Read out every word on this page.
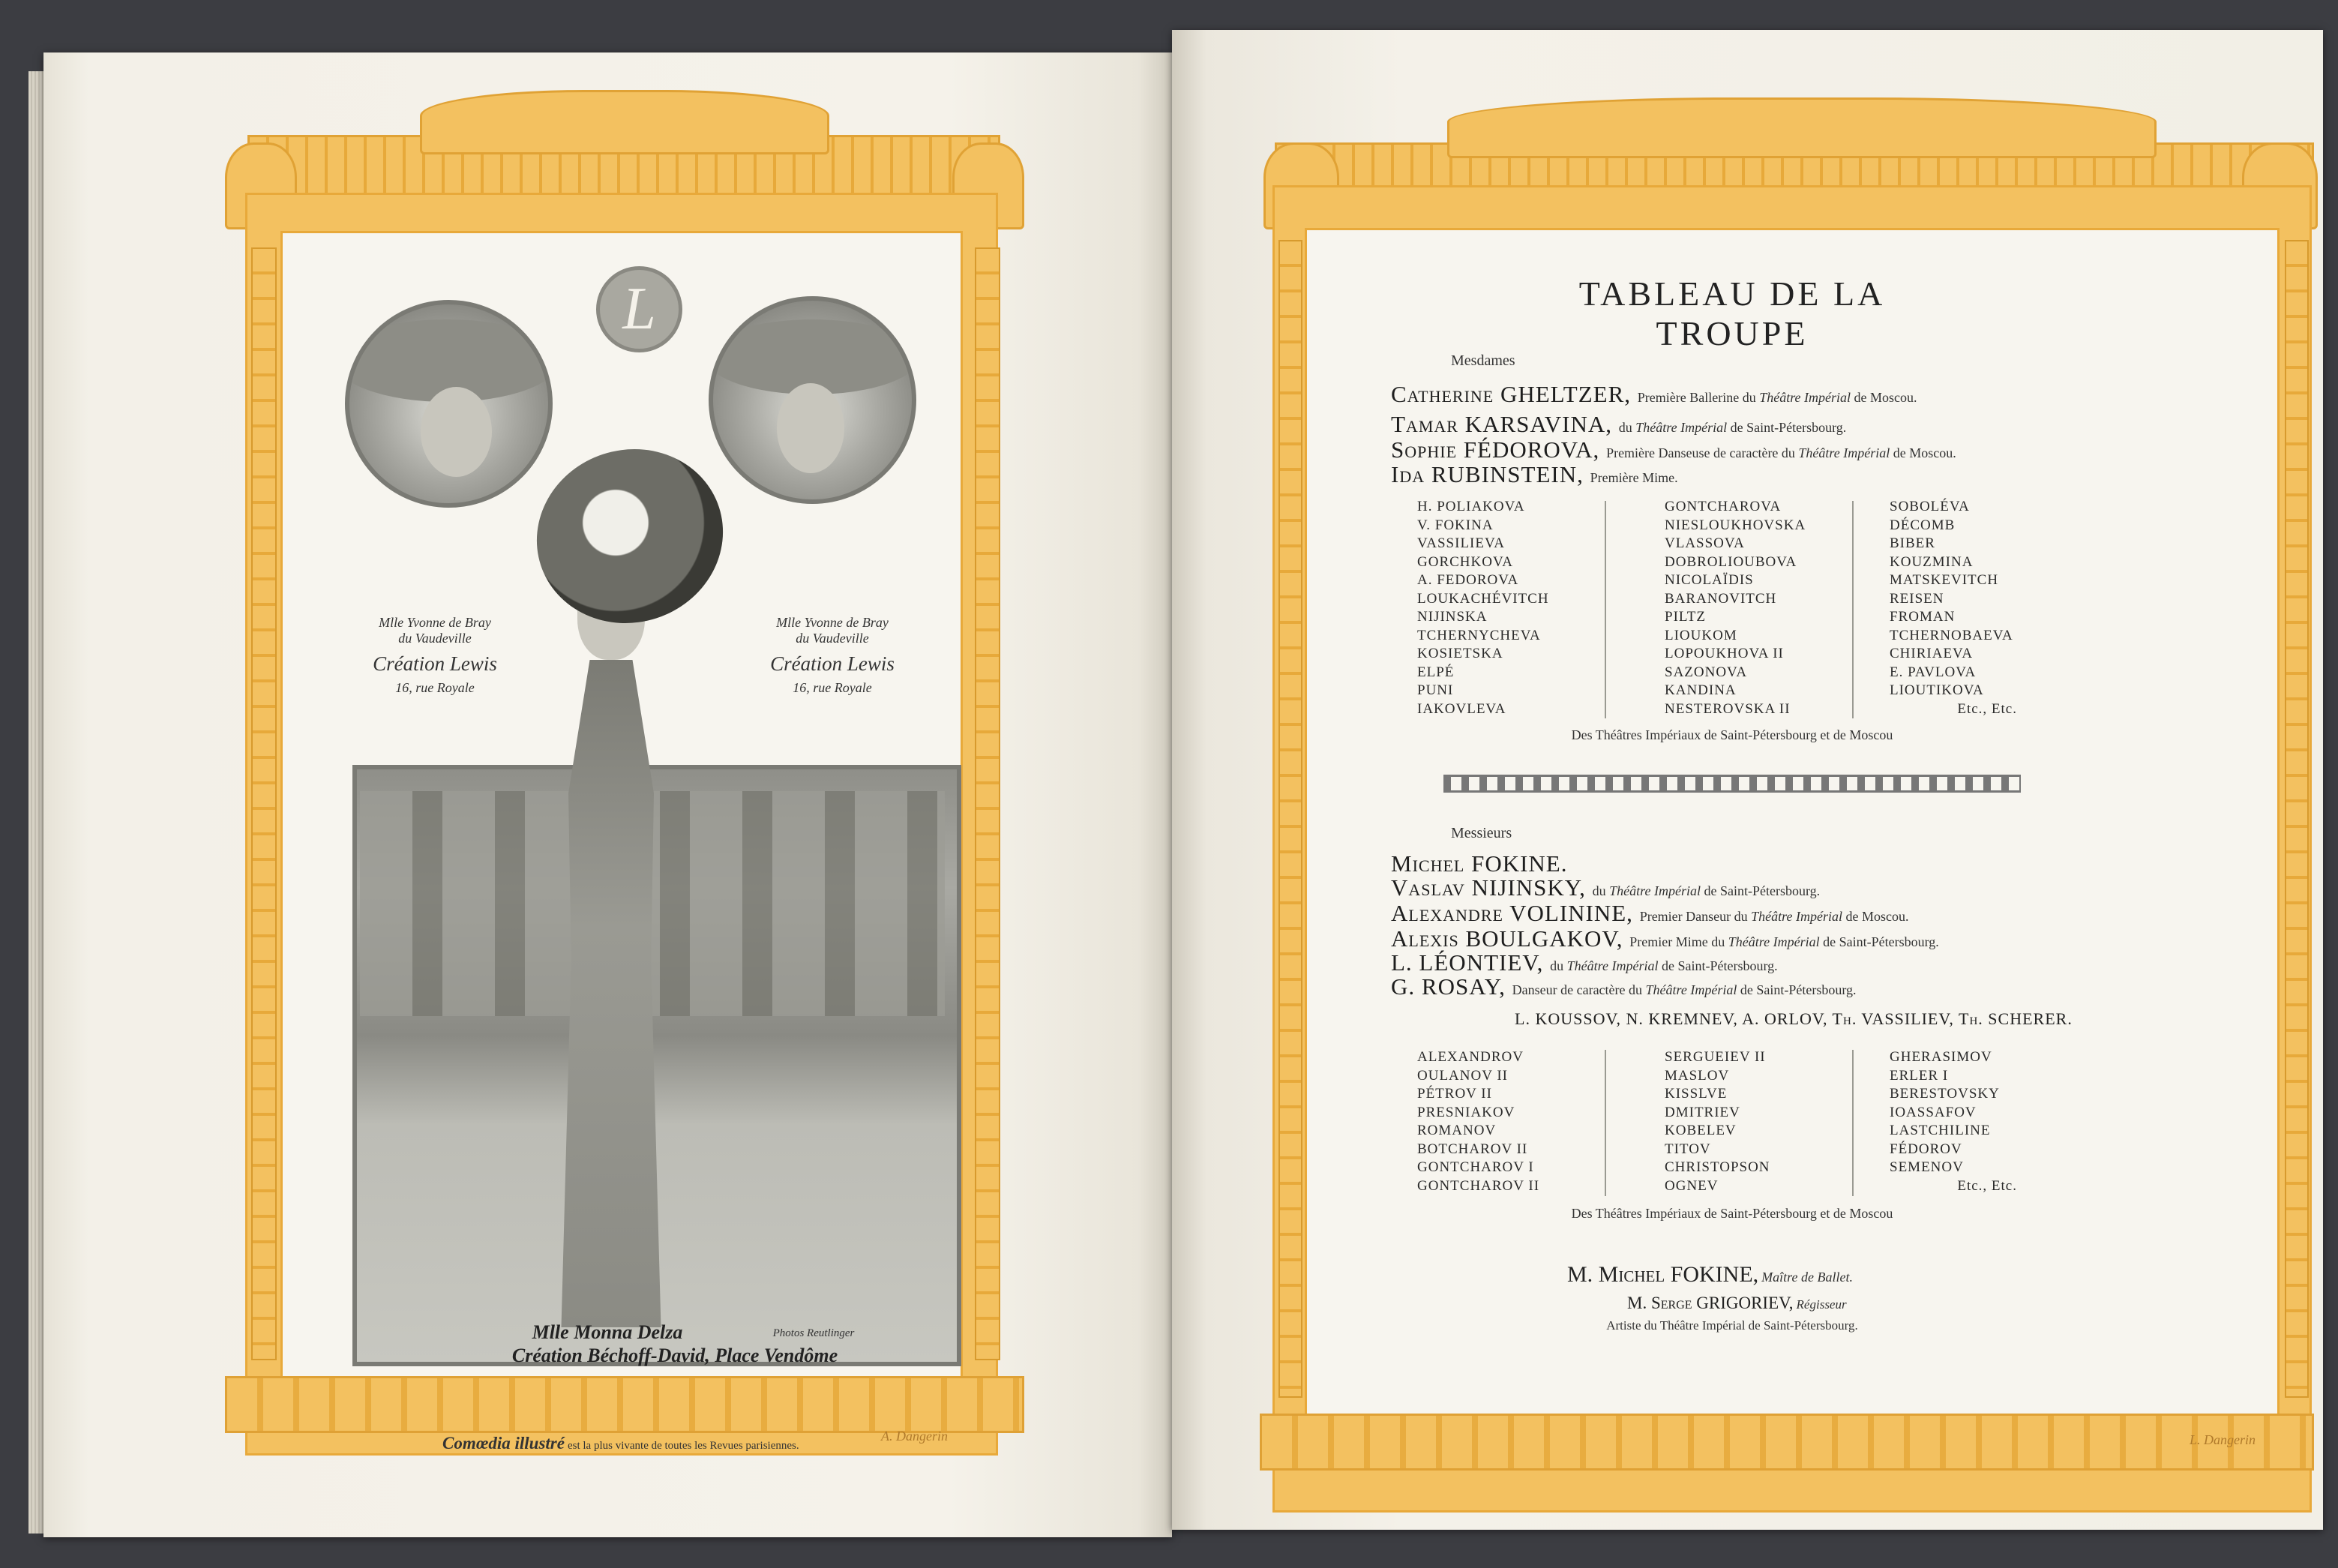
L
Mlle Yvonne de Bray
du Vaudeville
Création Lewis
16, rue Royale
Mlle Yvonne de Bray
du Vaudeville
Création Lewis
16, rue Royale
Mlle Monna Delza	Photos Reutlinger
Création Béchoff-David, Place Vendôme
Comœdia illustré est la plus vivante de toutes les Revues parisiennes.
A. Dangerin
TABLEAU DE LA TROUPE
Mesdames
Catherine GHELTZER, Première Ballerine du Théâtre Impérial de Moscou.
Tamar KARSAVINA, du Théâtre Impérial de Saint-Pétersbourg.
Sophie FÉDOROVA, Première Danseuse de caractère du Théâtre Impérial de Moscou.
Ida RUBINSTEIN, Première Mime.
H. POLIAKOVA
V. FOKINA
VASSILIEVA
GORCHKOVA
A. FEDOROVA
LOUKACHÉVITCH
NIJINSKA
TCHERNYCHEVA
KOSIETSKA
ELPÉ
PUNI
IAKOVLEVA
GONTCHAROVA
NIESLOUKHOVSKA
VLASSOVA
DOBROLIOUBOVA
NICOLAÏDIS
BARANOVITCH
PILTZ
LIOUKOM
LOPOUKHOVA II
SAZONOVA
KANDINA
NESTEROVSKA II
SOBOLÉVA
DÉCOMB
BIBER
KOUZMINA
MATSKEVITCH
REISEN
FROMAN
TCHERNOBAEVA
CHIRIAEVA
E. PAVLOVA
LIOUTIKOVA
Etc., Etc.
Des Théâtres Impériaux de Saint-Pétersbourg et de Moscou
Messieurs
Michel FOKINE.
Vaslav NIJINSKY, du Théâtre Impérial de Saint-Pétersbourg.
Alexandre VOLININE, Premier Danseur du Théâtre Impérial de Moscou.
Alexis BOULGAKOV, Premier Mime du Théâtre Impérial de Saint-Pétersbourg.
L. LÉONTIEV, du Théâtre Impérial de Saint-Pétersbourg.
G. ROSAY, Danseur de caractère du Théâtre Impérial de Saint-Pétersbourg.
L. KOUSSOV, N. KREMNEV, A. ORLOV, Th. VASSILIEV, Th. SCHERER.
ALEXANDROV
OULANOV II
PÉTROV II
PRESNIAKOV
ROMANOV
BOTCHAROV II
GONTCHAROV I
GONTCHAROV II
SERGUEIEV II
MASLOV
KISSLVE
DMITRIEV
KOBELEV
TITOV
CHRISTOPSON
OGNEV
GHERASIMOV
ERLER I
BERESTOVSKY
IOASSAFOV
LASTCHILINE
FÉDOROV
SEMENOV
Etc., Etc.
Des Théâtres Impériaux de Saint-Pétersbourg et de Moscou
M. Michel FOKINE, Maître de Ballet.
M. Serge GRIGORIEV, Régisseur
Artiste du Théâtre Impérial de Saint-Pétersbourg.
L. Dangerin
